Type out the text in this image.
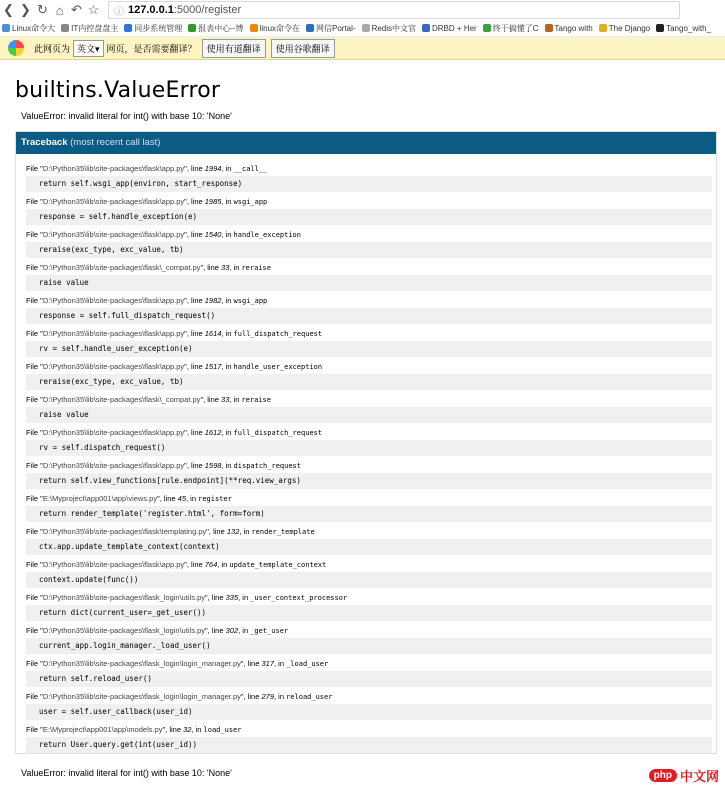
❮ ❯ ↻ ⌂ ↶ ☆ ⓘ 127.0.0.1 :5000/register
Linux命令大 IT内控盘盘主 同步系统管理 报表中心--博 linux命令在 网信Portal- Redis中文官 DRBD + Her 终于搞懂了C Tango with The Django Tango_with_
此网页为 英文▾ 网页，是否需要翻译？	使用有道翻译	使用谷歌翻译
builtins.ValueError
ValueError: invalid literal for int() with base 10: 'None'
Traceback (most recent call last)
File "D:\Python35\lib\site-packages\flask\app.py", line 1994, in __call__
return self.wsgi_app(environ, start_response)
File "D:\Python35\lib\site-packages\flask\app.py", line 1985, in wsgi_app
response = self.handle_exception(e)
File "D:\Python35\lib\site-packages\flask\app.py", line 1540, in handle_exception
reraise(exc_type, exc_value, tb)
File "D:\Python35\lib\site-packages\flask\_compat.py", line 33, in reraise
raise value
File "D:\Python35\lib\site-packages\flask\app.py", line 1982, in wsgi_app
response = self.full_dispatch_request()
File "D:\Python35\lib\site-packages\flask\app.py", line 1614, in full_dispatch_request
rv = self.handle_user_exception(e)
File "D:\Python35\lib\site-packages\flask\app.py", line 1517, in handle_user_exception
reraise(exc_type, exc_value, tb)
File "D:\Python35\lib\site-packages\flask\_compat.py", line 33, in reraise
raise value
File "D:\Python35\lib\site-packages\flask\app.py", line 1612, in full_dispatch_request
rv = self.dispatch_request()
File "D:\Python35\lib\site-packages\flask\app.py", line 1598, in dispatch_request
return self.view_functions[rule.endpoint](**req.view_args)
File "E:\Myproject\app001\app\views.py", line 45, in register
return render_template('register.html', form=form)
File "D:\Python35\lib\site-packages\flask\templating.py", line 132, in render_template
ctx.app.update_template_context(context)
File "D:\Python35\lib\site-packages\flask\app.py", line 764, in update_template_context
context.update(func())
File "D:\Python35\lib\site-packages\flask_login\utils.py", line 335, in _user_context_processor
return dict(current_user=_get_user())
File "D:\Python35\lib\site-packages\flask_login\utils.py", line 302, in _get_user
current_app.login_manager._load_user()
File "D:\Python35\lib\site-packages\flask_login\login_manager.py", line 317, in _load_user
return self.reload_user()
File "D:\Python35\lib\site-packages\flask_login\login_manager.py", line 279, in reload_user
user = self.user_callback(user_id)
File "E:\Myproject\app001\app\models.py", line 32, in load_user
return User.query.get(int(user_id))
ValueError: invalid literal for int() with base 10: 'None'	php 中文网
